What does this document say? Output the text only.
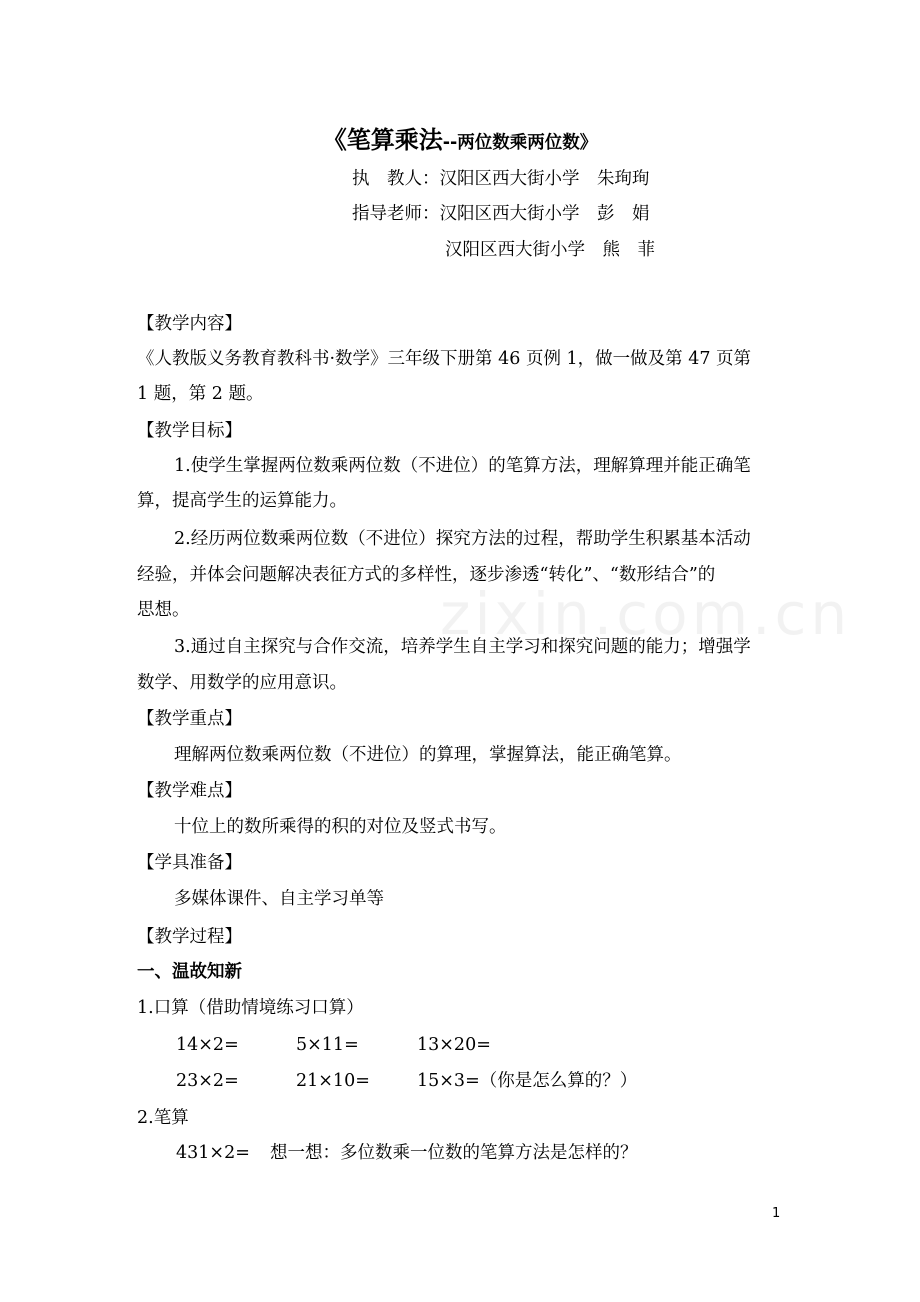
《笔算乘法--两位数乘两位数》
执　教人：汉阳区西大街小学　朱珣珣
指导老师：汉阳区西大街小学　彭　娟
汉阳区西大街小学　熊　菲
【教学内容】
《人教版义务教育教科书·数学》三年级下册第 46 页例 1，做一做及第 47 页第
1 题，第 2 题。
【教学目标】
1.使学生掌握两位数乘两位数（不进位）的笔算方法，理解算理并能正确笔
算，提高学生的运算能力。
2.经历两位数乘两位数（不进位）探究方法的过程，帮助学生积累基本活动
经验，并体会问题解决表征方式的多样性，逐步渗透“转化”、“数形结合”的
思想。
3.通过自主探究与合作交流，培养学生自主学习和探究问题的能力；增强学
数学、用数学的应用意识。
【教学重点】
理解两位数乘两位数（不进位）的算理，掌握算法，能正确笔算。
【教学难点】
十位上的数所乘得的积的对位及竖式书写。
【学具准备】
多媒体课件、自主学习单等
【教学过程】
一、温故知新
1.口算（借助情境练习口算）
14×2=	5×11=	13×20=
23×2=	21×10=	15×3=（你是怎么算的？）
2.笔算
431×2= 想一想：多位数乘一位数的笔算方法是怎样的？
zixin.com.cn
1
